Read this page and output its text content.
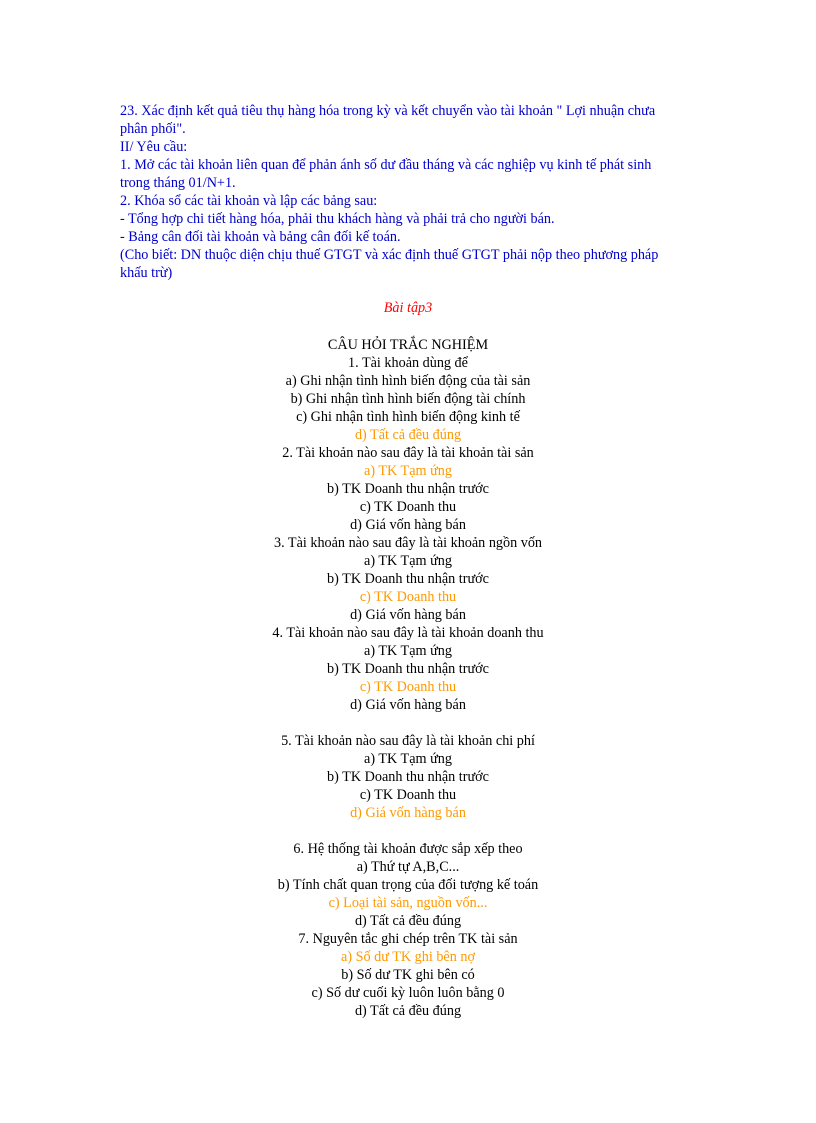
23. Xác định kết quả tiêu thụ hàng hóa trong kỳ và kết chuyển vào tài khoản " Lợi nhuận chưa

phân phối".

II/ Yêu cầu:

1. Mở các tài khoản liên quan để phản ánh số dư đầu tháng và các nghiệp vụ kinh tế phát sinh

trong tháng 01/N+1.

2. Khóa sổ các tài khoản và lập các bảng sau:

- Tổng hợp chi tiết hàng hóa, phải thu khách hàng và phải trả cho người bán.

- Bảng cân đối tài khoản và bảng cân đối kế toán.

(Cho biết: DN thuộc diện chịu thuế GTGT và xác định thuế GTGT phải nộp theo phương pháp

khấu trừ)

Bài tập3
CÂU HỎI TRẮC NGHIỆM
1. Tài khoản dùng để
a) Ghi nhận tình hình biến động của tài sản
b) Ghi nhận tình hình biến động tài chính
c) Ghi nhận tình hình biến động kinh tế
d) Tất cả đều đúng
2. Tài khoản nào sau đây là tài khoản tài sản
a) TK Tạm ứng
b) TK Doanh thu nhận trước
c) TK Doanh thu
d) Giá vốn hàng bán
3. Tài khoản nào sau đây là tài khoản ngồn vốn
a) TK Tạm ứng
b) TK Doanh thu nhận trước
c) TK Doanh thu
d) Giá vốn hàng bán
4. Tài khoản nào sau đây là tài khoản doanh thu
a) TK Tạm ứng
b) TK Doanh thu nhận trước
c) TK Doanh thu
d) Giá vốn hàng bán
5. Tài khoản nào sau đây là tài khoản chi phí
a) TK Tạm ứng
b) TK Doanh thu nhận trước
c) TK Doanh thu
d) Giá vốn hàng bán
6. Hệ thống tài khoản được sắp xếp theo
a) Thứ tự A,B,C...
b) Tính chất quan trọng của đối tượng kế toán
c) Loại tài sản, nguồn vốn...
d) Tất cả đều đúng
7. Nguyên tắc ghi chép trên TK tài sản
a) Số dư TK ghi bên nợ
b) Số dư TK ghi bên có
c) Số dư cuối kỳ luôn luôn bằng 0
d) Tất cả đều đúng
